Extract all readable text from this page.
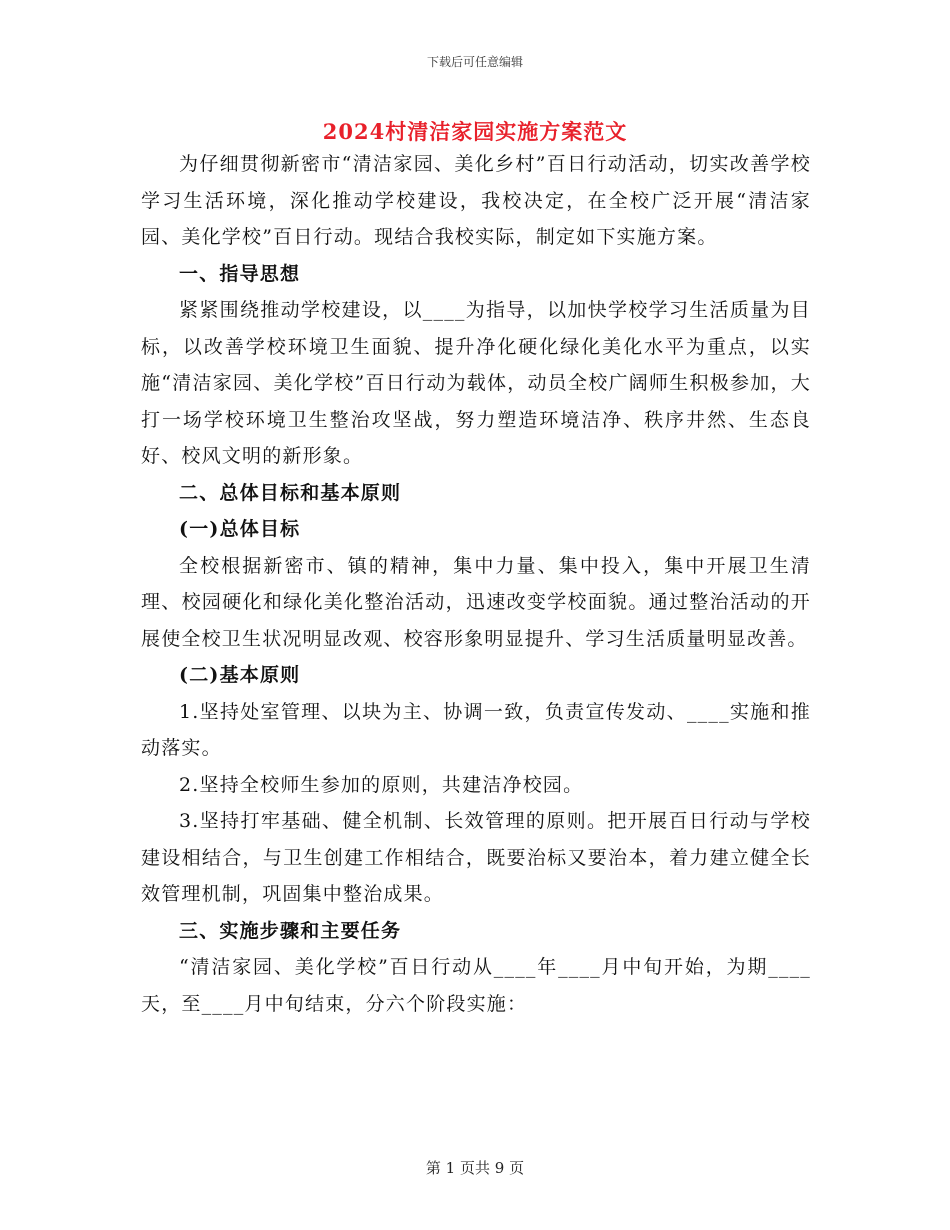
下载后可任意编辑
2024村清洁家园实施方案范文

为仔细贯彻新密市“清洁家园、美化乡村”百日行动活动，切实改善学校学习生活环境，深化推动学校建设，我校决定，在全校广泛开展“清洁家园、美化学校”百日行动。现结合我校实际，制定如下实施方案。

一、指导思想

紧紧围绕推动学校建设，以____为指导，以加快学校学习生活质量为目标，以改善学校环境卫生面貌、提升净化硬化绿化美化水平为重点，以实施“清洁家园、美化学校”百日行动为载体，动员全校广阔师生积极参加，大打一场学校环境卫生整治攻坚战，努力塑造环境洁净、秩序井然、生态良好、校风文明的新形象。

二、总体目标和基本原则

(一)总体目标

全校根据新密市、镇的精神，集中力量、集中投入，集中开展卫生清理、校园硬化和绿化美化整治活动，迅速改变学校面貌。通过整治活动的开展使全校卫生状况明显改观、校容形象明显提升、学习生活质量明显改善。

(二)基本原则

1.坚持处室管理、以块为主、协调一致，负责宣传发动、____实施和推动落实。

2.坚持全校师生参加的原则，共建洁净校园。

3.坚持打牢基础、健全机制、长效管理的原则。把开展百日行动与学校建设相结合，与卫生创建工作相结合，既要治标又要治本，着力建立健全长效管理机制，巩固集中整治成果。

三、实施步骤和主要任务

“清洁家园、美化学校”百日行动从____年____月中旬开始，为期____天，至____月中旬结束，分六个阶段实施：

第 1 页共 9 页
